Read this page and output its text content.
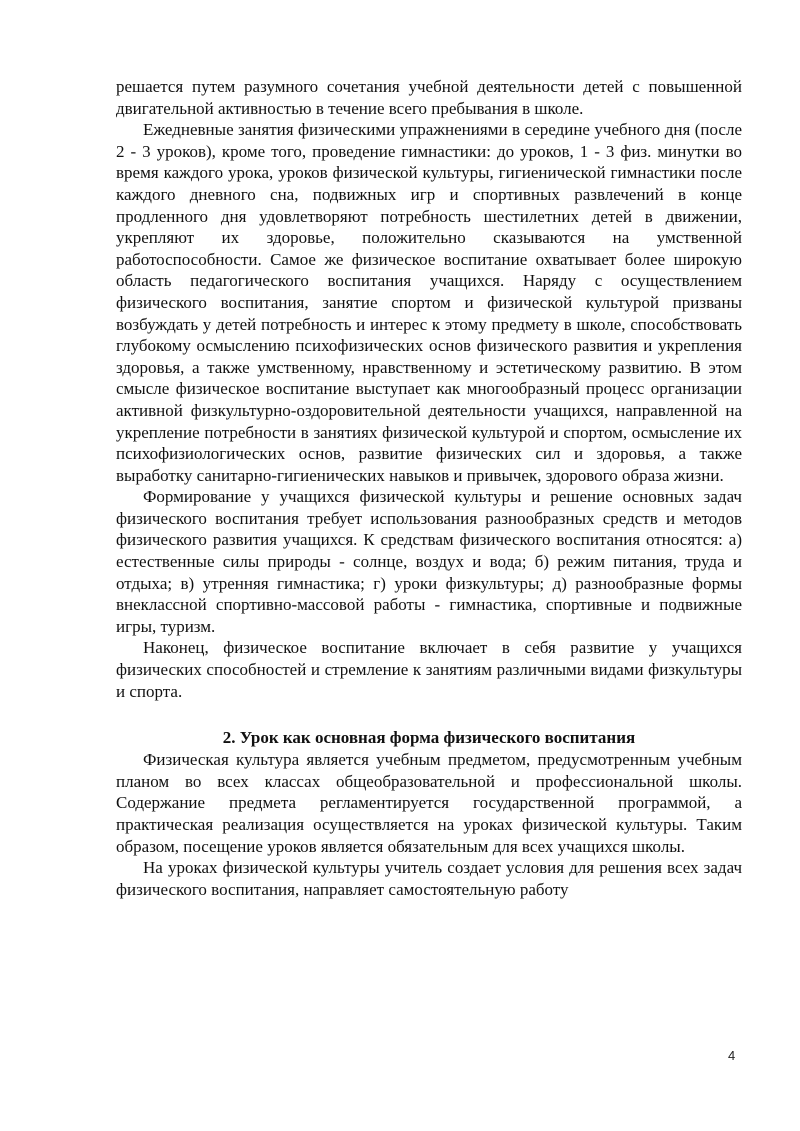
решается путем разумного сочетания учебной деятельности детей с повышенной двигательной активностью в течение всего пребывания в школе.

Ежедневные занятия физическими упражнениями в середине учебного дня (после 2 - 3 уроков), кроме того, проведение гимнастики: до уроков, 1 - 3 физ. минутки во время каждого урока, уроков физической культуры, гигиенической гимнастики после каждого дневного сна, подвижных игр и спортивных развлечений в конце продленного дня удовлетворяют потребность шестилетних детей в движении, укрепляют их здоровье, положительно сказываются на умственной работоспособности. Самое же физическое воспитание охватывает более широкую область педагогического воспитания учащихся. Наряду с осуществлением физического воспитания, занятие спортом и физической культурой призваны возбуждать у детей потребность и интерес к этому предмету в школе, способствовать глубокому осмыслению психофизических основ физического развития и укрепления здоровья, а также умственному, нравственному и эстетическому развитию. В этом смысле физическое воспитание выступает как многообразный процесс организации активной физкультурно-оздоровительной деятельности учащихся, направленной на укрепление потребности в занятиях физической культурой и спортом, осмысление их психофизиологических основ, развитие физических сил и здоровья, а также выработку санитарно-гигиенических навыков и привычек, здорового образа жизни.

Формирование у учащихся физической культуры и решение основных задач физического воспитания требует использования разнообразных средств и методов физического развития учащихся. К средствам физического воспитания относятся: а) естественные силы природы - солнце, воздух и вода; б) режим питания, труда и отдыха; в) утренняя гимнастика; г) уроки физкультуры; д) разнообразные формы внеклассной спортивно-массовой работы - гимнастика, спортивные и подвижные игры, туризм.

Наконец, физическое воспитание включает в себя развитие у учащихся физических способностей и стремление к занятиям различными видами физкультуры и спорта.

2. Урок как основная форма физического воспитания

Физическая культура является учебным предметом, предусмотренным учебным планом во всех классах общеобразовательной и профессиональной школы. Содержание предмета регламентируется государственной программой, а практическая реализация осуществляется на уроках физической культуры. Таким образом, посещение уроков является обязательным для всех учащихся школы.

На уроках физической культуры учитель создает условия для решения всех задач физического воспитания, направляет самостоятельную работу

4
